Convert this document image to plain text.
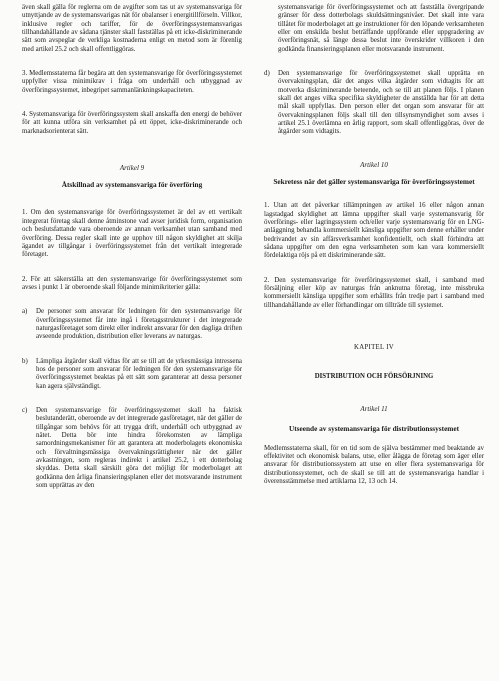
även skall gälla för reglerna om de avgifter som tas ut av systemansvariga för utnyttjande av de systemansvarigas nät för obalanser i energitillförseln. Villkor, inklusive regler och tariffer, för de överföringssystemansvarigas tillhandahållande av sådana tjänster skall fastställas på ett icke-diskriminerande sätt som avspeglar de verkliga kostnaderna enligt en metod som är förenlig med artikel 25.2 och skall offentliggöras.

3. Medlemsstaterna får begära att den systemansvarige för överföringssystemet uppfyller vissa minimikrav i fråga om underhåll och utbyggnad av överföringssystemet, inbegripet sammanlänkningskapaciteten.

4. Systemansvariga för överföringssystem skall anskaffa den energi de behöver för att kunna utföra sin verksamhet på ett öppet, icke-diskriminerande och marknadsorienterat sätt.

Artikel 9
Åtskillnad av systemansvariga för överföring

1. Om den systemansvarige för överföringssystemet är del av ett vertikalt integrerat företag skall denne åtminstone vad avser juridisk form, organisation och beslutsfattande vara oberoende av annan verksamhet utan samband med överföring. Dessa regler skall inte ge upphov till någon skyldighet att skilja ägandet av tillgångar i överföringssystemet från det vertikalt integrerade företaget.

2. För att säkerställa att den systemansvarige för överföringssystemet som avses i punkt 1 är oberoende skall följande minimikriterier gälla:

a)	De personer som ansvarar för ledningen för den systemansvarige för överföringssystemet får inte ingå i företagsstrukturer i det integrerade naturgasföretaget som direkt eller indirekt ansvarar för den dagliga driften avseende produktion, distribution eller leverans av naturgas.
b)	Lämpliga åtgärder skall vidtas för att se till att de yrkesmässiga intressena hos de personer som ansvarar för ledningen för den systemansvarige för överföringssystemet beaktas på ett sätt som garanterar att dessa personer kan agera självständigt.
c)	Den systemansvarige för överföringssystemet skall ha faktisk beslutanderätt, oberoende av det integrerade gasföretaget, när det gäller de tillgångar som behövs för att trygga drift, underhåll och utbyggnad av nätet. Detta bör inte hindra förekomsten av lämpliga samordningsmekanismer för att garantera att moderbolagets ekonomiska och förvaltningsmässiga övervakningsrättigheter när det gäller avkastningen, som regleras indirekt i artikel 25.2, i ett dotterbolag skyddas. Detta skall särskilt göra det möjligt för moderbolaget att godkänna den årliga finansieringsplanen eller det motsvarande instrument som upprättas av den
systemansvarige för överföringssystemet och att fastställa övergripande gränser för dess dotterbolags skuldsättningsnivåer. Det skall inte vara tillåtet för moderbolaget att ge instruktioner för den löpande verksamheten eller om enskilda beslut beträffande uppförande eller uppgradering av överföringsnät, så länge dessa beslut inte överskrider villkoren i den godkända finansieringsplanen eller motsvarande instrument.
d)	Den systemansvarige för överföringssystemet skall upprätta en övervakningsplan, där det anges vilka åtgärder som vidtagits för att motverka diskriminerande beteende, och se till att planen följs. I planen skall det anges vilka specifika skyldigheter de anställda har för att detta mål skall uppfyllas. Den person eller det organ som ansvarar för att övervakningsplanen följs skall till den tillsynsmyndighet som avses i artikel 25.1 överlämna en årlig rapport, som skall offentliggöras, över de åtgärder som vidtagits.
Artikel 10
Sekretess när det gäller systemansvariga för överföringssystemet

1. Utan att det påverkar tillämpningen av artikel 16 eller någon annan lagstadgad skyldighet att lämna uppgifter skall varje systemansvarig för överförings- eller lagringssystem och/eller varje systemansvarig för en LNG-anläggning behandla kommersiellt känsliga uppgifter som denne erhåller under bedrivandet av sin affärsverksamhet konfidentiellt, och skall förhindra att sådana uppgifter om den egna verksamheten som kan vara kommersiellt fördelaktiga röjs på ett diskriminerande sätt.

2. Den systemansvarige för överföringssystemet skall, i samband med försäljning eller köp av naturgas från anknutna företag, inte missbruka kommersiellt känsliga uppgifter som erhållits från tredje part i samband med tillhandahållande av eller förhandlingar om tillträde till systemet.

KAPITEL IV
DISTRIBUTION OCH FÖRSÖRJNING
Artikel 11
Utseende av systemansvariga för distributionssystemet

Medlemsstaterna skall, för en tid som de själva bestämmer med beaktande av effektivitet och ekonomisk balans, utse, eller ålägga de företag som äger eller ansvarar för distributionssystem att utse en eller flera systemansvariga för distributionssystemet, och de skall se till att de systemansvariga handlar i överensstämmelse med artiklarna 12, 13 och 14.
